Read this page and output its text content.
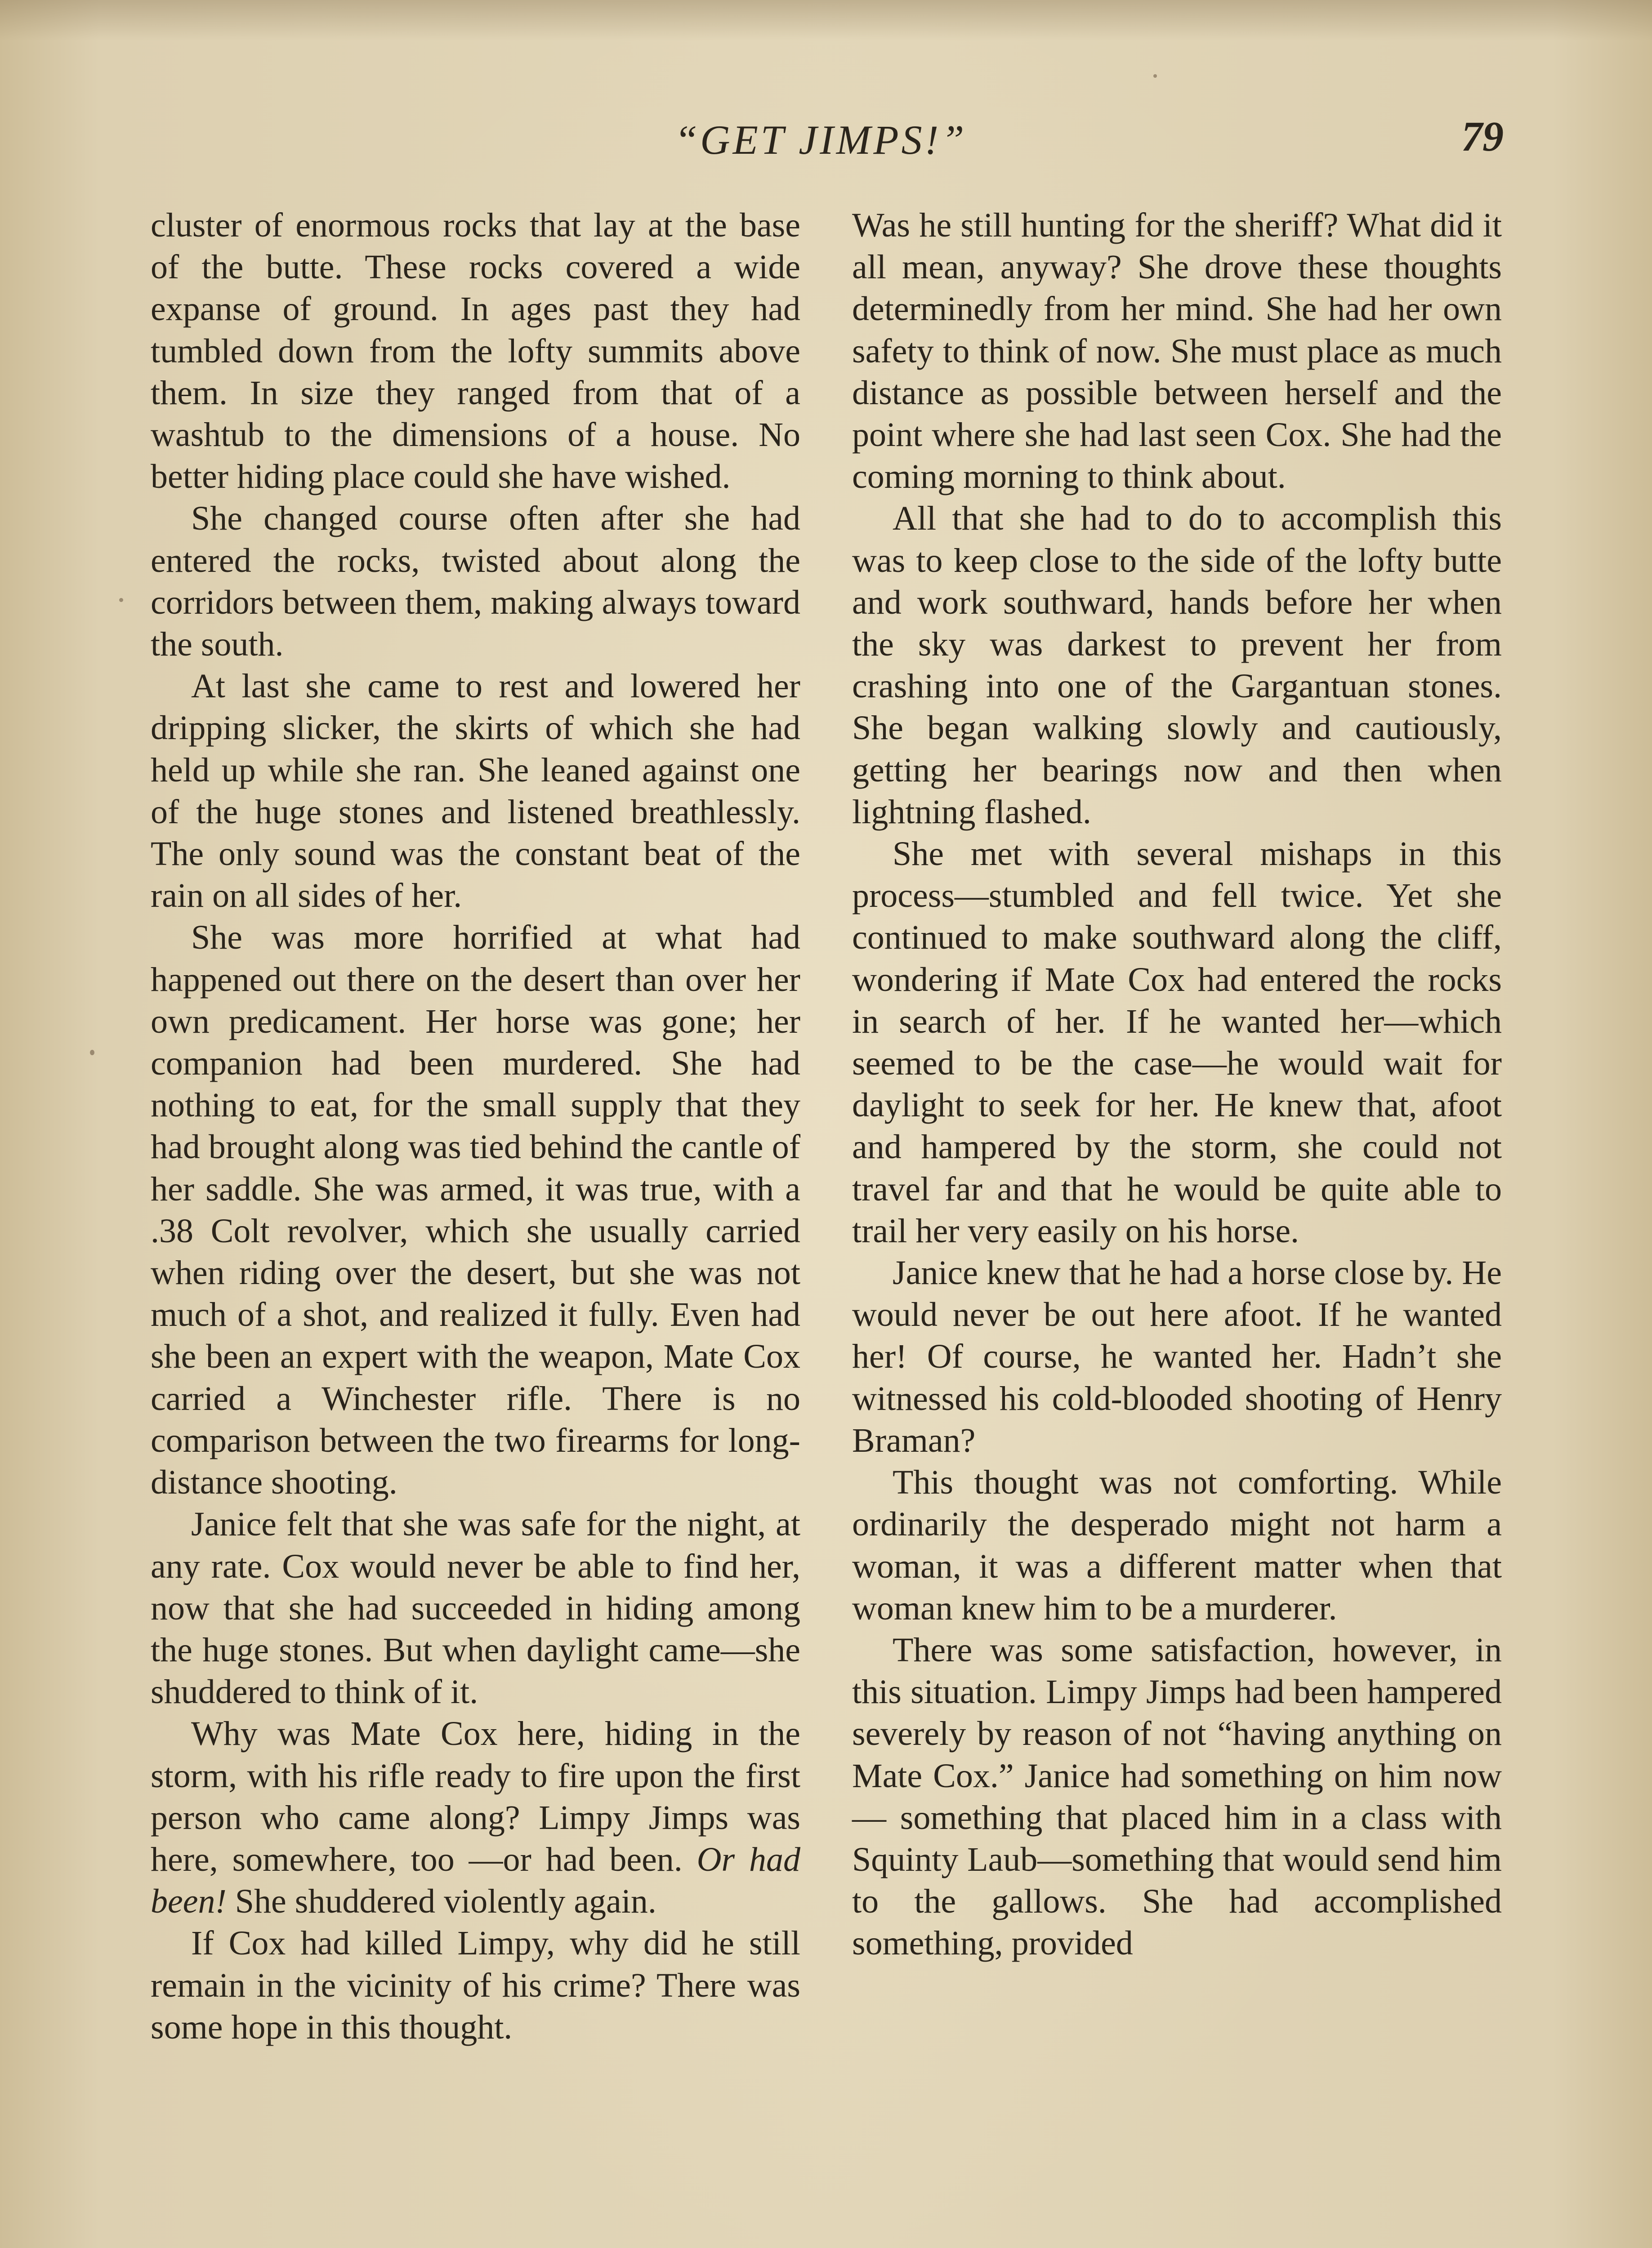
“GET JIMPS!”	79

cluster of enormous rocks that lay at the base of the butte. These rocks covered a wide expanse of ground. In ages past they had tumbled down from the lofty summits above them. In size they ranged from that of a washtub to the dimensions of a house. No better hiding place could she have wished.

She changed course often after she had entered the rocks, twisted about along the corridors between them, making always toward the south.

At last she came to rest and lowered her dripping slicker, the skirts of which she had held up while she ran. She leaned against one of the huge stones and listened breathlessly. The only sound was the constant beat of the rain on all sides of her.

She was more horrified at what had happened out there on the desert than over her own predicament. Her horse was gone; her companion had been murdered. She had nothing to eat, for the small supply that they had brought along was tied behind the cantle of her saddle. She was armed, it was true, with a .38 Colt revolver, which she usually carried when riding over the desert, but she was not much of a shot, and realized it fully. Even had she been an expert with the weapon, Mate Cox carried a Winchester rifle. There is no comparison between the two firearms for long-distance shooting.

Janice felt that she was safe for the night, at any rate. Cox would never be able to find her, now that she had succeeded in hiding among the huge stones. But when daylight came—she shuddered to think of it.

Why was Mate Cox here, hiding in the storm, with his rifle ready to fire upon the first person who came along? Limpy Jimps was here, somewhere, too —or had been. Or had been! She shuddered violently again.

If Cox had killed Limpy, why did he still remain in the vicinity of his crime? There was some hope in this thought.

Was he still hunting for the sheriff? What did it all mean, anyway? She drove these thoughts determinedly from her mind. She had her own safety to think of now. She must place as much distance as possible between herself and the point where she had last seen Cox. She had the coming morning to think about.

All that she had to do to accomplish this was to keep close to the side of the lofty butte and work southward, hands before her when the sky was darkest to prevent her from crashing into one of the Gargantuan stones. She began walking slowly and cautiously, getting her bearings now and then when lightning flashed.

She met with several mishaps in this process—stumbled and fell twice. Yet she continued to make southward along the cliff, wondering if Mate Cox had entered the rocks in search of her. If he wanted her—which seemed to be the case—he would wait for daylight to seek for her. He knew that, afoot and hampered by the storm, she could not travel far and that he would be quite able to trail her very easily on his horse.

Janice knew that he had a horse close by. He would never be out here afoot. If he wanted her! Of course, he wanted her. Hadn’t she witnessed his cold-blooded shooting of Henry Braman?

This thought was not comforting. While ordinarily the desperado might not harm a woman, it was a different matter when that woman knew him to be a murderer.

There was some satisfaction, however, in this situation. Limpy Jimps had been hampered severely by reason of not “having anything on Mate Cox.” Janice had something on him now— something that placed him in a class with Squinty Laub—something that would send him to the gallows. She had accomplished something, provided
